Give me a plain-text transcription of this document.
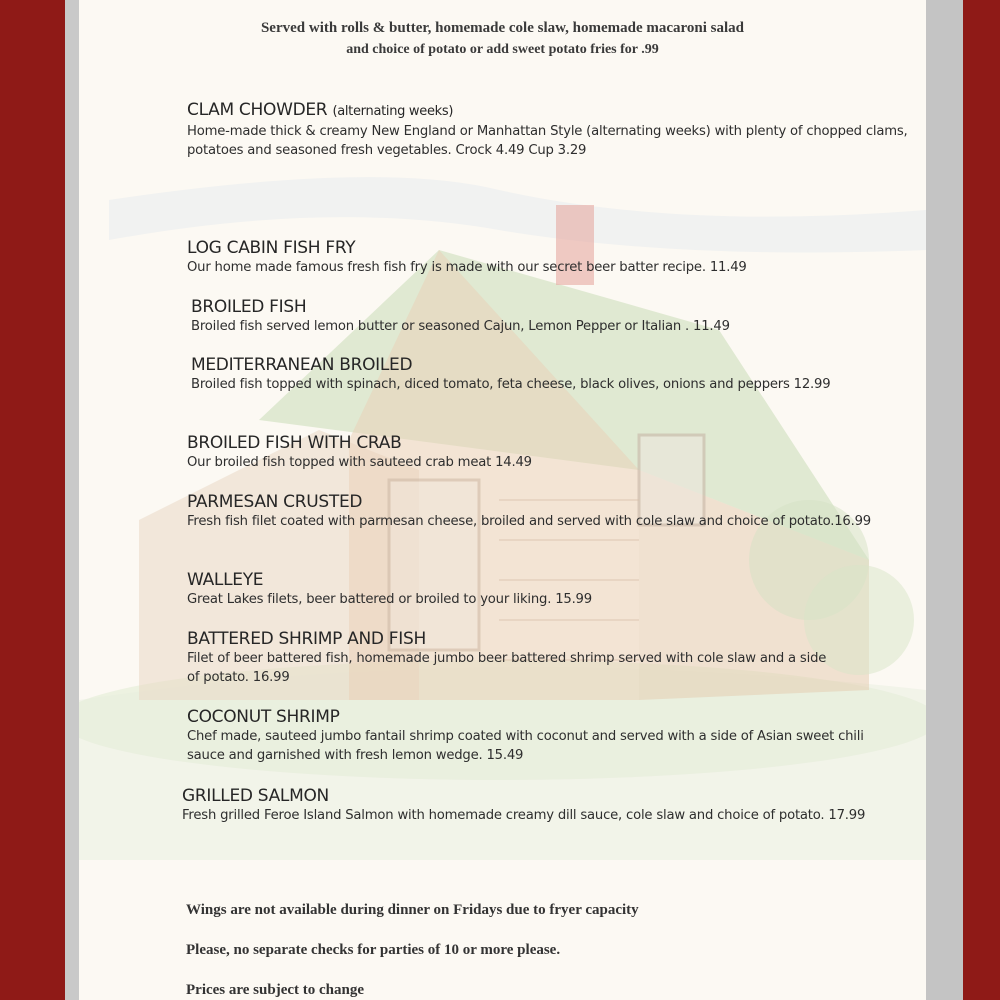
Served with rolls & butter, homemade cole slaw, homemade macaroni salad
and choice of potato or add sweet potato fries for .99
CLAM CHOWDER (alternating weeks)
Home-made thick & creamy New England or Manhattan Style (alternating weeks) with plenty of chopped clams, potatoes and seasoned fresh vegetables. Crock 4.49 Cup 3.29
LOG CABIN FISH FRY
Our home made famous fresh fish fry is made with our secret beer batter recipe. 11.49
BROILED FISH
Broiled fish served lemon butter or seasoned Cajun, Lemon Pepper or Italian . 11.49
MEDITERRANEAN BROILED
Broiled fish topped with spinach, diced tomato, feta cheese, black olives, onions and peppers 12.99
BROILED FISH WITH CRAB
Our broiled fish topped with sauteed crab meat 14.49
PARMESAN CRUSTED
Fresh fish filet coated with parmesan cheese, broiled and served with cole slaw and choice of potato.16.99
WALLEYE
Great Lakes filets, beer battered or broiled to your liking. 15.99
BATTERED SHRIMP AND FISH
Filet of beer battered fish, homemade jumbo beer battered shrimp served with cole slaw and a side of potato. 16.99
COCONUT SHRIMP
Chef made, sauteed jumbo fantail shrimp coated with coconut and served with a side of Asian sweet chili sauce and garnished with fresh lemon wedge. 15.49
GRILLED SALMON
Fresh grilled Feroe Island Salmon with homemade creamy dill sauce, cole slaw and choice of potato. 17.99
Wings are not available during dinner on Fridays due to fryer capacity
Please, no separate checks for parties of 10 or more please.
Prices are subject to change
